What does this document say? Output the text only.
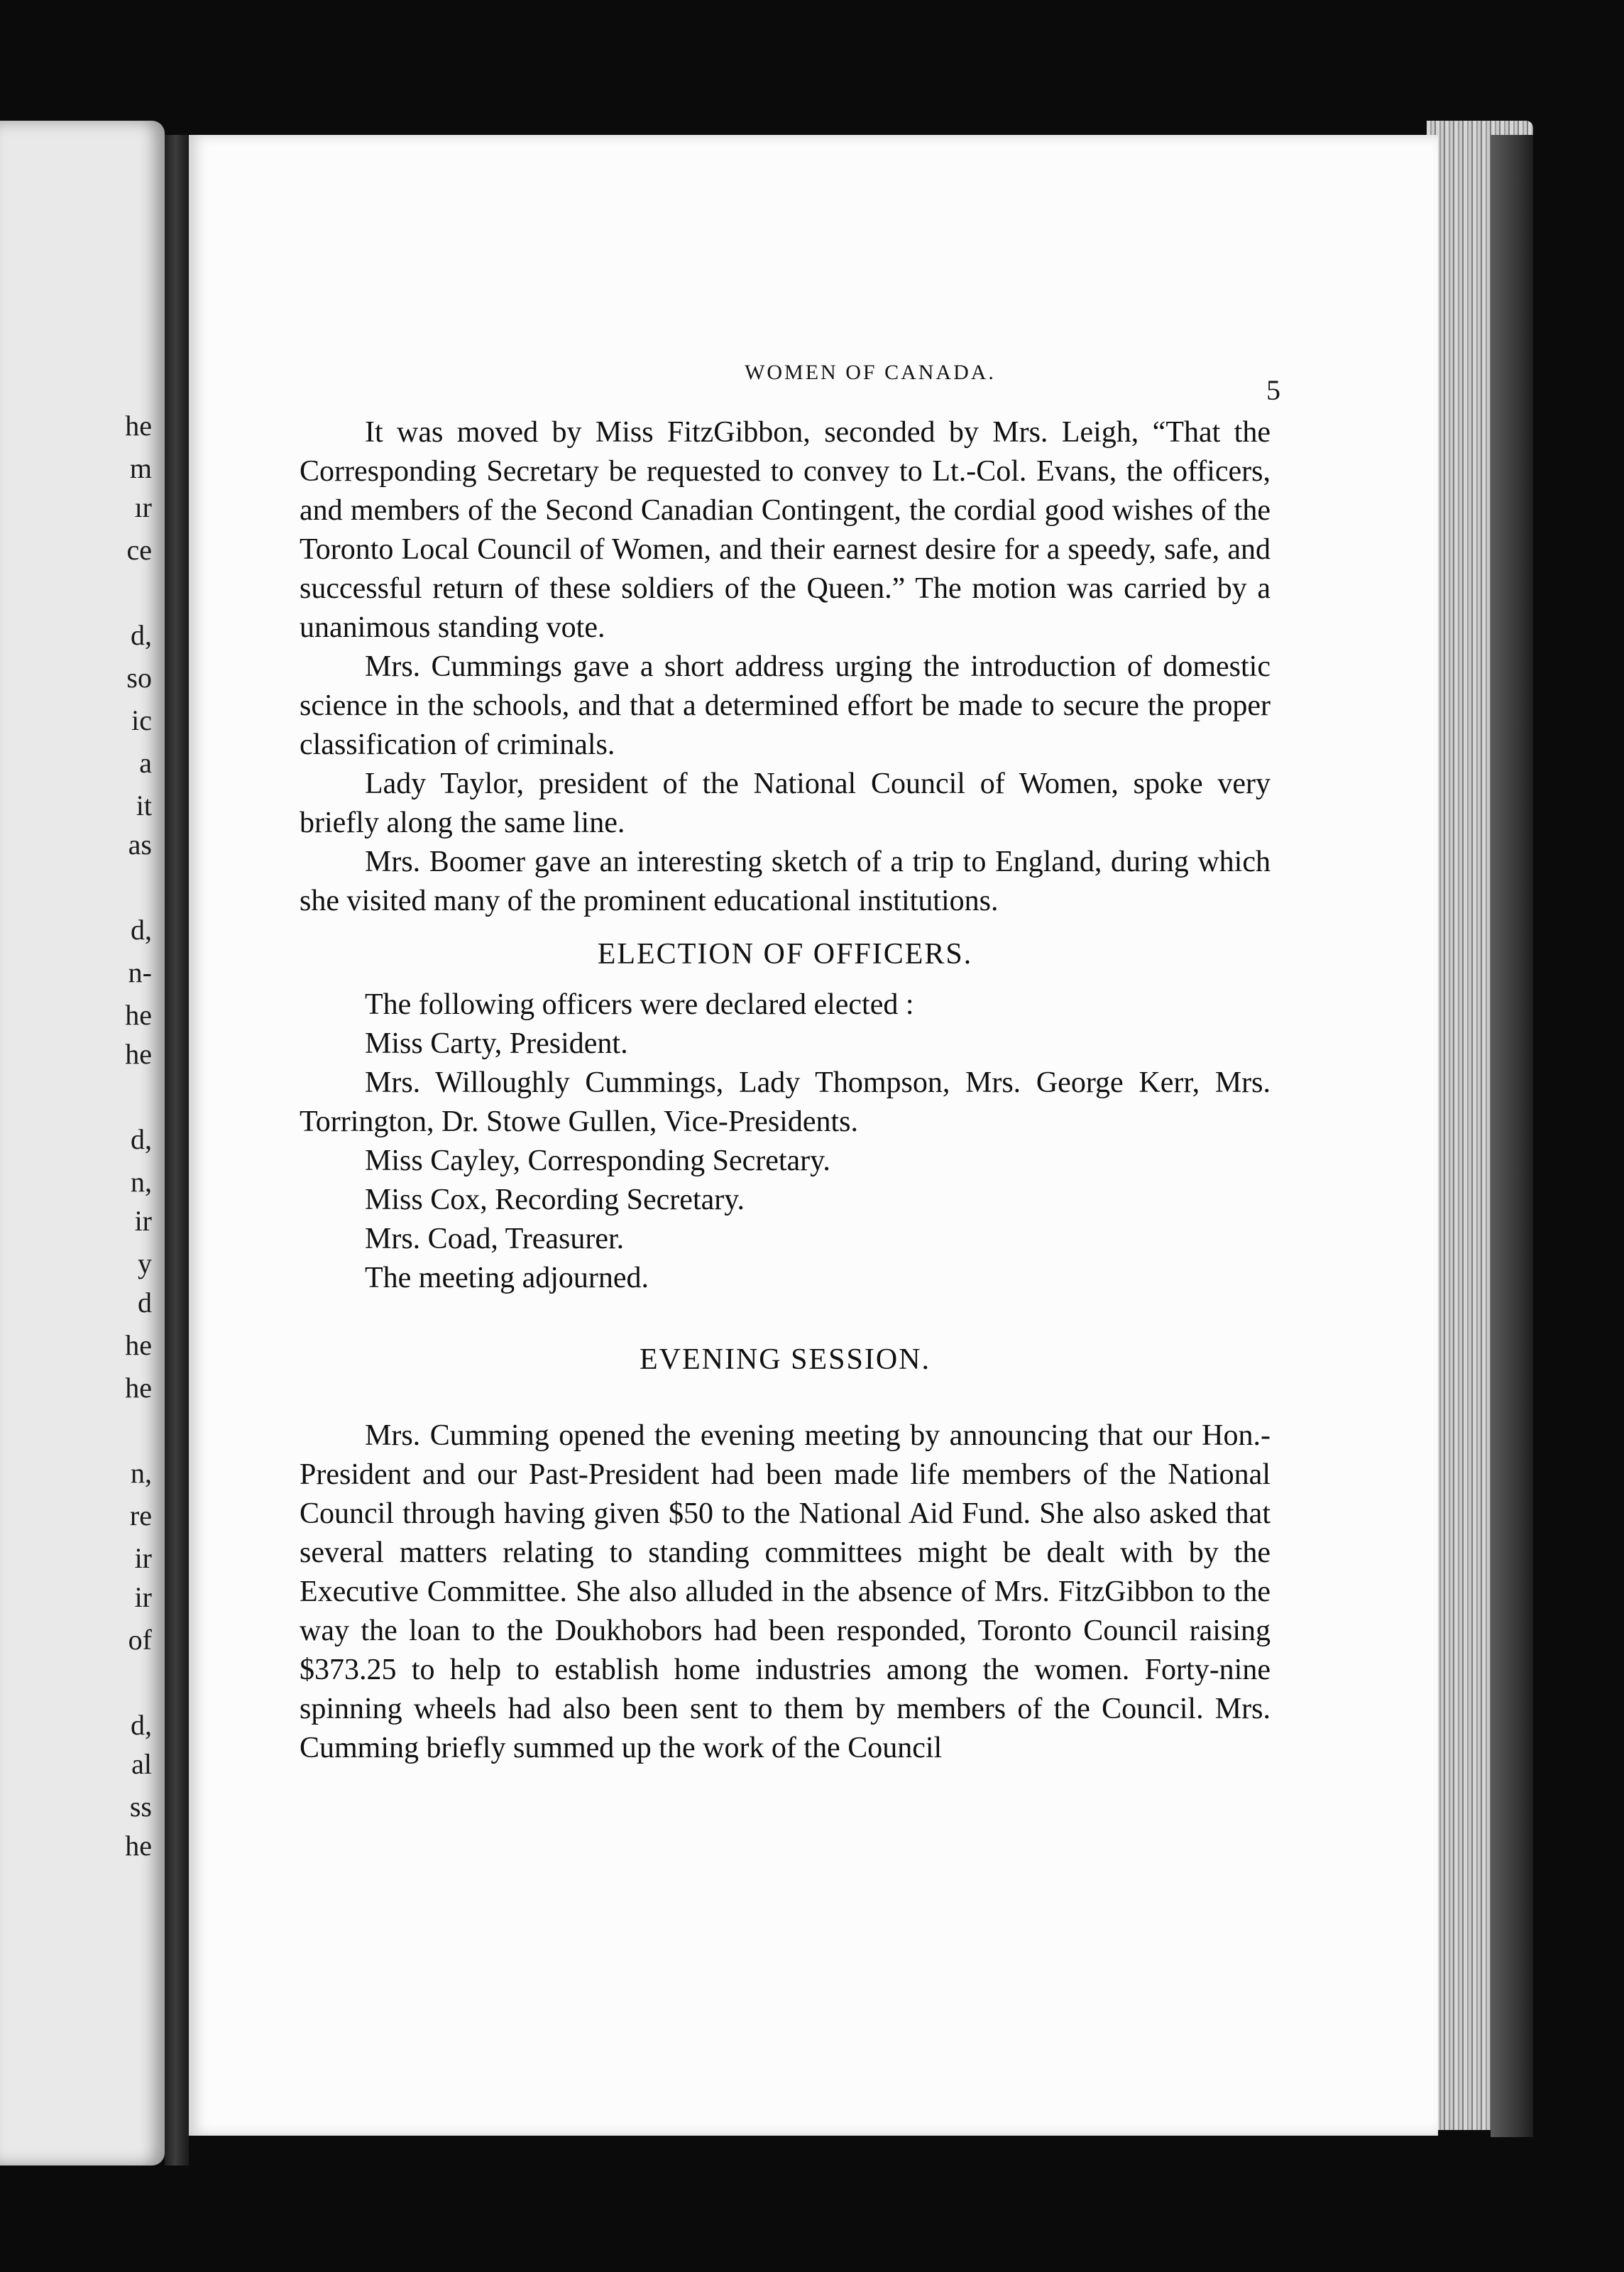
he
m
ır
ce
d,
so
ic
a
it
as
d,
n-
he
he
d,
n,
ir
y
d
he
he
n,
re
ir
ir
of
d,
al
ss
he
WOMEN OF CANADA.
5

It was moved by Miss FitzGibbon, seconded by Mrs. Leigh, “That the Corresponding Secretary be requested to convey to Lt.-Col. Evans, the officers, and members of the Second Canadian Contingent, the cordial good wishes of the Toronto Local Council of Women, and their earnest desire for a speedy, safe, and successful return of these soldiers of the Queen.” The motion was carried by a unanimous standing vote.

Mrs. Cummings gave a short address urging the introduction of domestic science in the schools, and that a determined effort be made to secure the proper classification of criminals.

Lady Taylor, president of the National Council of Women, spoke very briefly along the same line.

Mrs. Boomer gave an interesting sketch of a trip to England, during which she visited many of the prominent educational institutions.

ELECTION OF OFFICERS.

The following officers were declared elected :

Miss Carty, President.

Mrs. Willoughly Cummings, Lady Thompson, Mrs. George Kerr, Mrs. Torrington, Dr. Stowe Gullen, Vice-Presidents.

Miss Cayley, Corresponding Secretary.

Miss Cox, Recording Secretary.

Mrs. Coad, Treasurer.

The meeting adjourned.

EVENING SESSION.

Mrs. Cumming opened the evening meeting by announcing that our Hon.-President and our Past-President had been made life members of the National Council through having given $50 to the National Aid Fund. She also asked that several matters relating to standing committees might be dealt with by the Executive Committee. She also alluded in the absence of Mrs. FitzGibbon to the way the loan to the Doukhobors had been responded, Toronto Council raising $373.25 to help to establish home industries among the women. Forty-nine spinning wheels had also been sent to them by members of the Council. Mrs. Cumming briefly summed up the work of the Council
